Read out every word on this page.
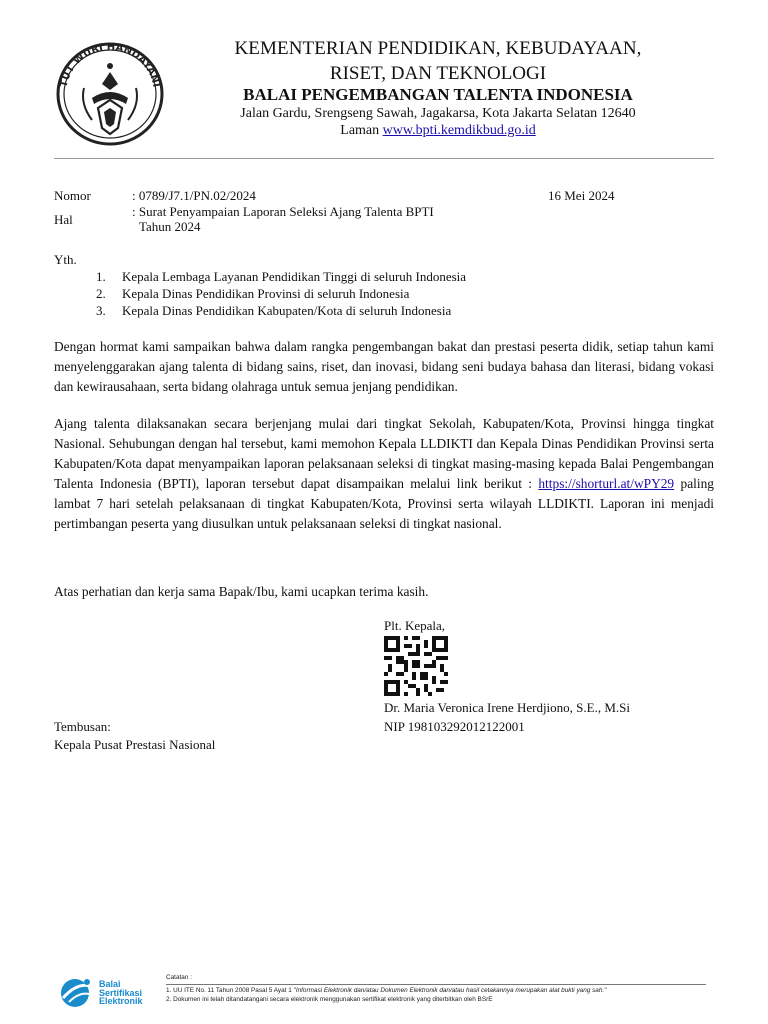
TUT WURI HANDAYANI
KEMENTERIAN PENDIDIKAN, KEBUDAYAAN,
RISET, DAN TEKNOLOGI
BALAI PENGEMBANGAN TALENTA INDONESIA
Jalan Gardu, Srengseng Sawah, Jagakarsa, Kota Jakarta Selatan 12640
Laman www.bpti.kemdikbud.go.id
Nomor	: 0789/J7.1/PN.02/2024	16 Mei 2024
Hal
: Surat Penyampaian Laporan Seleksi Ajang Talenta BPTI
Tahun 2024
Yth.
1.	Kepala Lembaga Layanan Pendidikan Tinggi di seluruh Indonesia
2.	Kepala Dinas Pendidikan Provinsi di seluruh Indonesia
3.	Kepala Dinas Pendidikan Kabupaten/Kota di seluruh Indonesia
Dengan hormat kami sampaikan bahwa dalam rangka pengembangan bakat dan prestasi peserta didik, setiap tahun kami menyelenggarakan ajang talenta di bidang sains, riset, dan inovasi, bidang seni budaya bahasa dan literasi, bidang vokasi dan kewirausahaan, serta bidang olahraga untuk semua jenjang pendidikan.
Ajang talenta dilaksanakan secara berjenjang mulai dari tingkat Sekolah, Kabupaten/Kota, Provinsi hingga tingkat Nasional. Sehubungan dengan hal tersebut, kami memohon Kepala LLDIKTI dan Kepala Dinas Pendidikan Provinsi serta Kabupaten/Kota dapat menyampaikan laporan pelaksanaan seleksi di tingkat masing-masing kepada Balai Pengembangan Talenta Indonesia (BPTI), laporan tersebut dapat disampaikan melalui link berikut : https://shorturl.at/wPY29 paling lambat 7 hari setelah pelaksanaan di tingkat Kabupaten/Kota, Provinsi serta wilayah LLDIKTI. Laporan ini menjadi pertimbangan peserta yang diusulkan untuk pelaksanaan seleksi di tingkat nasional.
Atas perhatian dan kerja sama Bapak/Ibu, kami ucapkan terima kasih.
Plt. Kepala,
Dr. Maria Veronica Irene Herdjiono, S.E., M.Si
NIP 198103292012122001
Tembusan:
Kepala Pusat Prestasi Nasional
Balai
Sertifikasi
Elektronik
Catatan :
1. UU ITE No. 11 Tahun 2008 Pasal 5 Ayat 1 "Informasi Elektronik dan/atau Dokumen Elektronik dan/atau hasil cetakannya merupakan alat bukti yang sah."
2. Dokumen ini telah ditandatangani secara elektronik menggunakan sertifikat elektronik yang diterbitkan oleh BSrE
